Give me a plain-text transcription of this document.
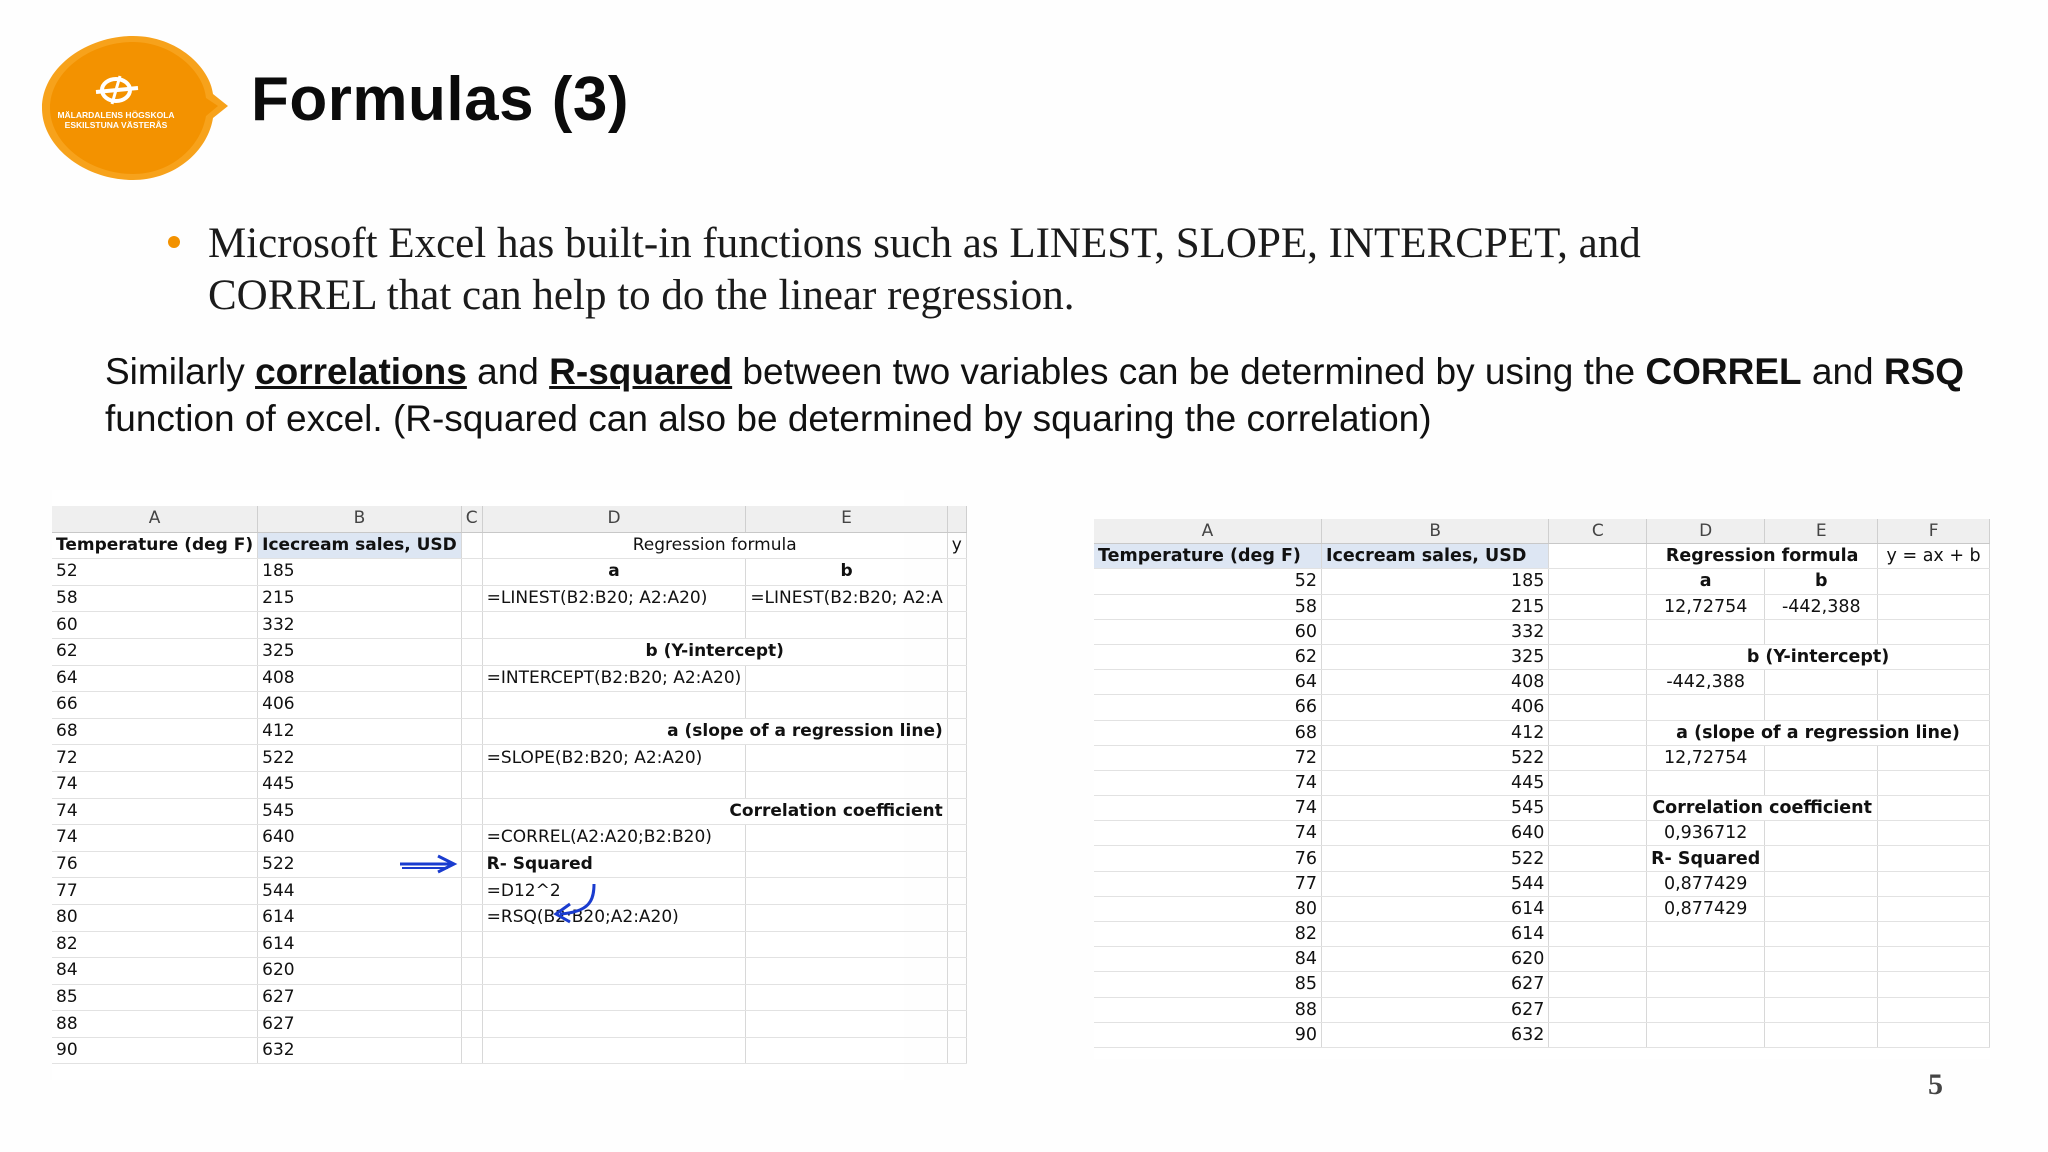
MÄLARDALENS HÖGSKOLA
ESKILSTUNA VÄSTERÅS Formulas (3)
Microsoft Excel has built-in functions such as LINEST, SLOPE, INTERCPET, and CORREL that can help to do the linear regression.
Similarly correlations and R-squared between two variables can be determined by using the CORREL and RSQ function of excel. (R-squared can also be determined by squaring the correlation)
A	B	C	D	E	
Temperature (deg F)	Icecream sales, USD		Regression formula		y
52	185		a	b	
58	215		=LINEST(B2:B20; A2:A20)	=LINEST(B2:B20; A2:A	
60	332				
62	325		b (Y-intercept)		
64	408		=INTERCEPT(B2:B20; A2:A20)		
66	406				
68	412		a (slope of a regression line)		
72	522		=SLOPE(B2:B20; A2:A20)		
74	445				
74	545		Correlation coefficient		
74	640		=CORREL(A2:A20;B2:B20)		
76	522		R- Squared		
77	544		=D12^2		
80	614		=RSQ(B2:B20;A2:A20)		
82	614				
84	620				
85	627				
88	627				
90	632				
A	B	C	D	E	F
Temperature (deg F)	Icecream sales, USD		Regression formula		y = ax + b
52	185		a	b	
58	215		12,72754	-442,388	
60	332				
62	325		b (Y-intercept)		
64	408		-442,388		
66	406				
68	412		a (slope of a regression line)		
72	522		12,72754		
74	445				
74	545		Correlation coefficient		
74	640		0,936712		
76	522		R- Squared		
77	544		0,877429		
80	614		0,877429		
82	614				
84	620				
85	627				
88	627				
90	632				
5
